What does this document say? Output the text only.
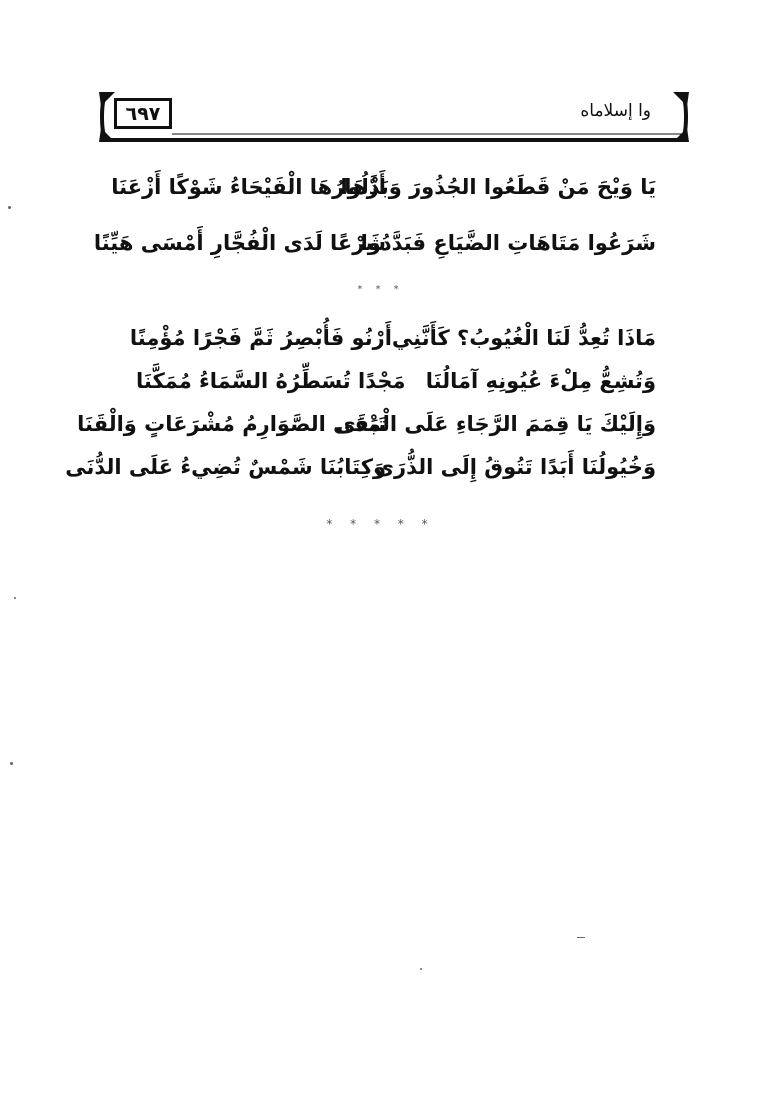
٦٩٧	وا إسلاماه
يَا وَيْحَ مَنْ قَطَعُوا الجُذُورَ وَبَدَّلُوا
أَزْهَارُهَا الْفَيْحَاءُ شَوْكًا أَزْعَنَا
شَرَعُوا مَتَاهَاتِ الضَّيَاعِ فَبَدَّدُوا
شَرْعًا لَدَى الْفُجَّارِ أَمْسَى هَيِّنًا
* * *
مَاذَا تُعِدُّ لَنَا الْغُيُوبُ؟ كَأَنَّنِي
أَرْنُو فَأُبْصِرُ ثَمَّ فَجْرًا مُؤْمِنًا
وَتُشِعُّ مِلْءَ عُيُونِهِ آمَالُنَا
مَجْدًا تُسَطِّرُهُ السَّمَاءُ مُمَكَّنَا
وَإِلَيْكَ يَا قِمَمَ الرَّجَاءِ عَلَى الْمَدَى
تَبْقَى الصَّوَارِمُ مُشْرَعَاتٍ وَالْقَنَا
وَخُيُولُنَا أَبَدًا تَتُوقُ إِلَى الذُّرَى
وَكِتَابُنَا شَمْسٌ تُضِيءُ عَلَى الدُّنَى
* * * * *
